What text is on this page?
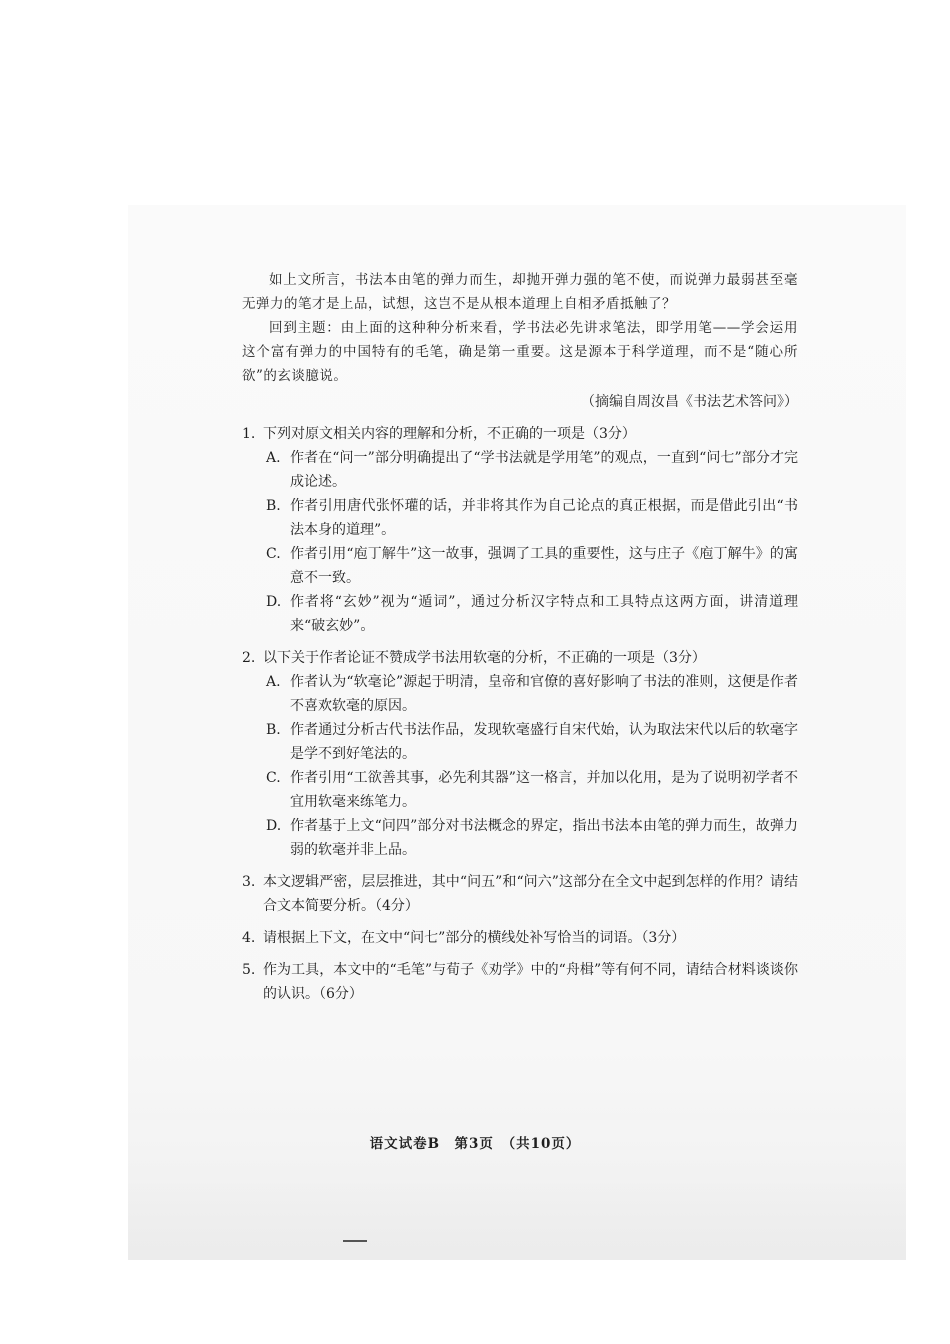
如上文所言，书法本由笔的弹力而生，却抛开弹力强的笔不使，而说弹力最弱甚至毫无弹力的笔才是上品，试想，这岂不是从根本道理上自相矛盾抵触了？

回到主题：由上面的这种种分析来看，学书法必先讲求笔法，即学用笔——学会运用这个富有弹力的中国特有的毛笔，确是第一重要。这是源本于科学道理，而不是“随心所欲”的玄谈臆说。

（摘编自周汝昌《书法艺术答问》）

1. 下列对原文相关内容的理解和分析，不正确的一项是（3分）
A. 作者在“问一”部分明确提出了“学书法就是学用笔”的观点，一直到“问七”部分才完成论述。
B. 作者引用唐代张怀瓘的话，并非将其作为自己论点的真正根据，而是借此引出“书法本身的道理”。
C. 作者引用“庖丁解牛”这一故事，强调了工具的重要性，这与庄子《庖丁解牛》的寓意不一致。
D. 作者将“玄妙”视为“遁词”，通过分析汉字特点和工具特点这两方面，讲清道理来“破玄妙”。
2. 以下关于作者论证不赞成学书法用软毫的分析，不正确的一项是（3分）
A. 作者认为“软毫论”源起于明清，皇帝和官僚的喜好影响了书法的准则，这便是作者不喜欢软毫的原因。
B. 作者通过分析古代书法作品，发现软毫盛行自宋代始，认为取法宋代以后的软毫字是学不到好笔法的。
C. 作者引用“工欲善其事，必先利其器”这一格言，并加以化用，是为了说明初学者不宜用软毫来练笔力。
D. 作者基于上文“问四”部分对书法概念的界定，指出书法本由笔的弹力而生，故弹力弱的软毫并非上品。
3. 本文逻辑严密，层层推进，其中“问五”和“问六”这部分在全文中起到怎样的作用？请结合文本简要分析。（4分）
4. 请根据上下文，在文中“问七”部分的横线处补写恰当的词语。（3分）
5. 作为工具，本文中的“毛笔”与荀子《劝学》中的“舟楫”等有何不同，请结合材料谈谈你的认识。（6分）
语文试卷B　第3页　（共10页）
